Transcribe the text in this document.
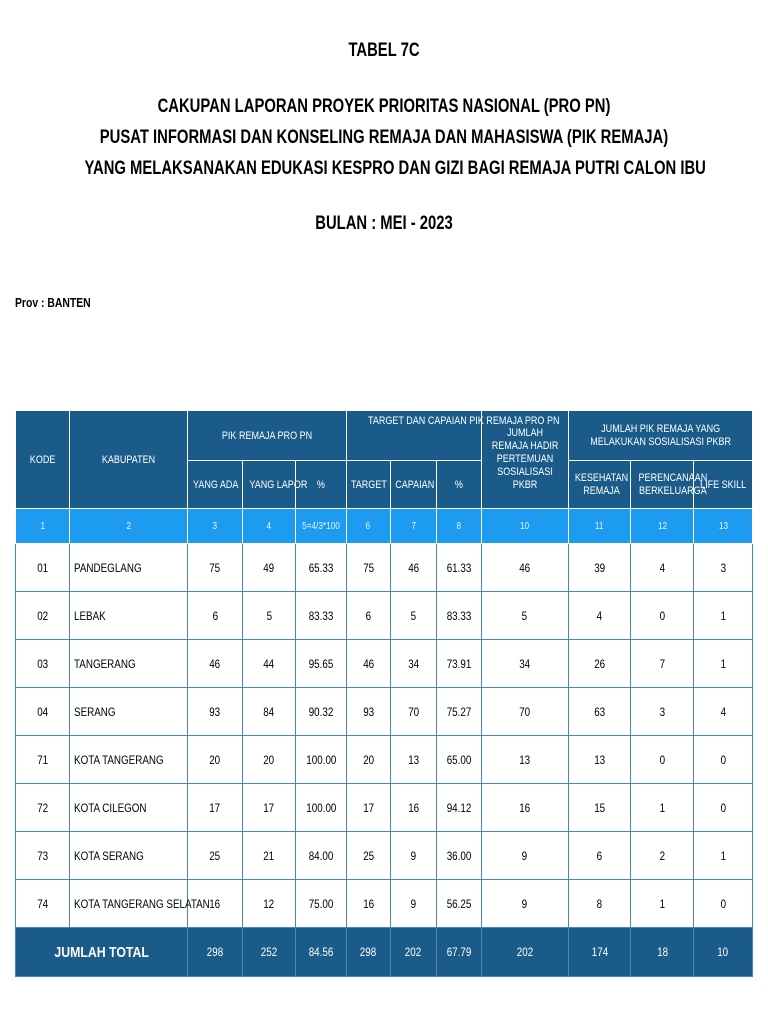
TABEL 7C
CAKUPAN LAPORAN PROYEK PRIORITAS NASIONAL (PRO PN)
PUSAT INFORMASI DAN KONSELING REMAJA DAN MAHASISWA (PIK REMAJA)
YANG MELAKSANAKAN EDUKASI KESPRO DAN GIZI BAGI REMAJA PUTRI CALON IBU
BULAN : MEI - 2023
Prov : BANTEN
KODE	KABUPATEN	PIK REMAJA PRO PN			TARGET DAN CAPAIAN PIK REMAJA PRO PN			JUMLAH REMAJA HADIR PERTEMUAN SOSIALISASI PKBR	JUMLAH PIK REMAJA YANG MELAKUKAN SOSIALISASI PKBR		
		YANG ADA	YANG LAPOR	%	TARGET	CAPAIAN	%		KESEHATAN REMAJA	PERENCANAAN BERKELUARGA	LIFE SKILL
1	2	3	4	5=4/3*100	6	7	8	10	11	12	13
01	PANDEGLANG	75	49	65.33	75	46	61.33	46	39	4	3
02	LEBAK	6	5	83.33	6	5	83.33	5	4	0	1
03	TANGERANG	46	44	95.65	46	34	73.91	34	26	7	1
04	SERANG	93	84	90.32	93	70	75.27	70	63	3	4
71	KOTA TANGERANG	20	20	100.00	20	13	65.00	13	13	0	0
72	KOTA CILEGON	17	17	100.00	17	16	94.12	16	15	1	0
73	KOTA SERANG	25	21	84.00	25	9	36.00	9	6	2	1
74	KOTA TANGERANG SELATAN	16	12	75.00	16	9	56.25	9	8	1	0
JUMLAH TOTAL		298	252	84.56	298	202	67.79	202	174	18	10
